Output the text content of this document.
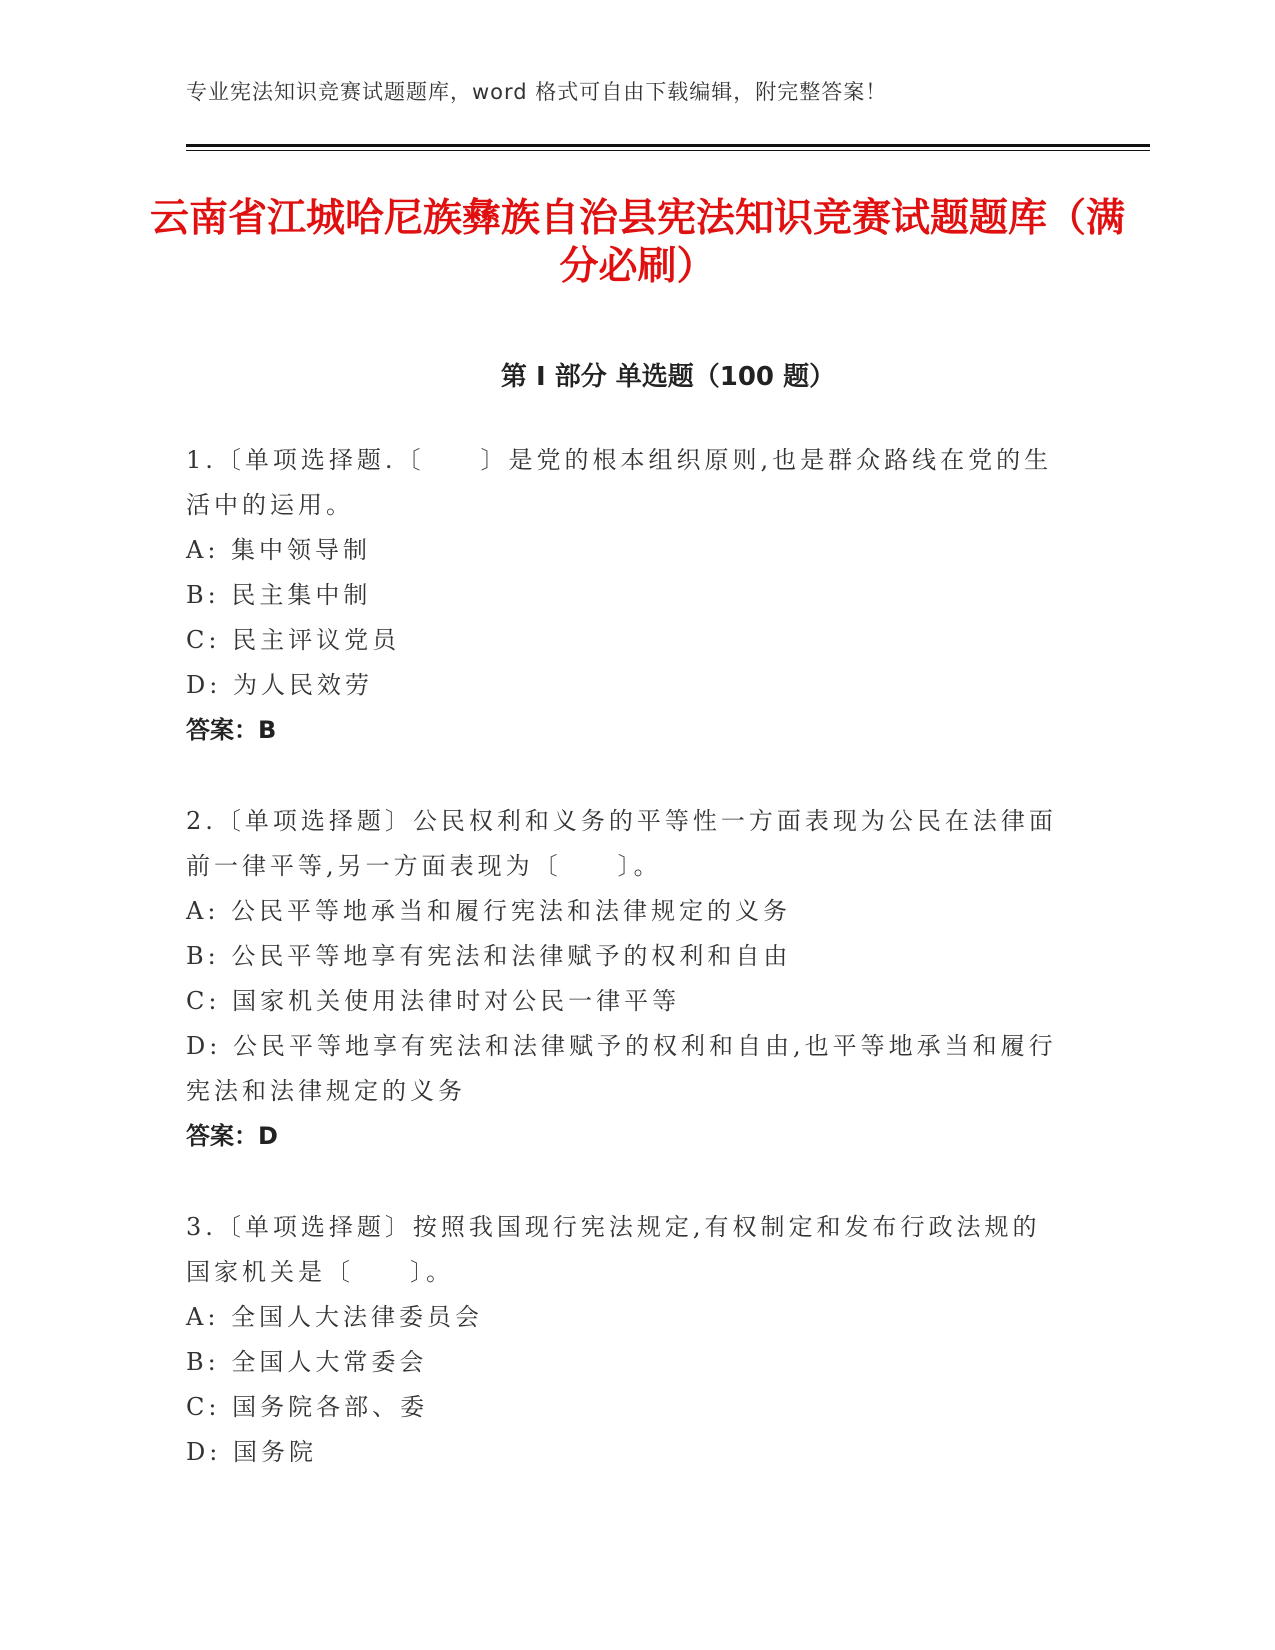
专业宪法知识竞赛试题题库，word 格式可自由下载编辑，附完整答案！
云南省江城哈尼族彝族自治县宪法知识竞赛试题题库（满分必刷）
第 I 部分 单选题（100 题）
1.〔单项选择题.〔　　〕是党的根本组织原则,也是群众路线在党的生活中的运用。
A: 集中领导制
B: 民主集中制
C: 民主评议党员
D: 为人民效劳
答案：B
2.〔单项选择题〕公民权利和义务的平等性一方面表现为公民在法律面前一律平等,另一方面表现为〔　　〕。
A: 公民平等地承当和履行宪法和法律规定的义务
B: 公民平等地享有宪法和法律赋予的权利和自由
C: 国家机关使用法律时对公民一律平等
D: 公民平等地享有宪法和法律赋予的权利和自由,也平等地承当和履行宪法和法律规定的义务
答案：D
3.〔单项选择题〕按照我国现行宪法规定,有权制定和发布行政法规的国家机关是〔　　〕。
A: 全国人大法律委员会
B: 全国人大常委会
C: 国务院各部、委
D: 国务院
